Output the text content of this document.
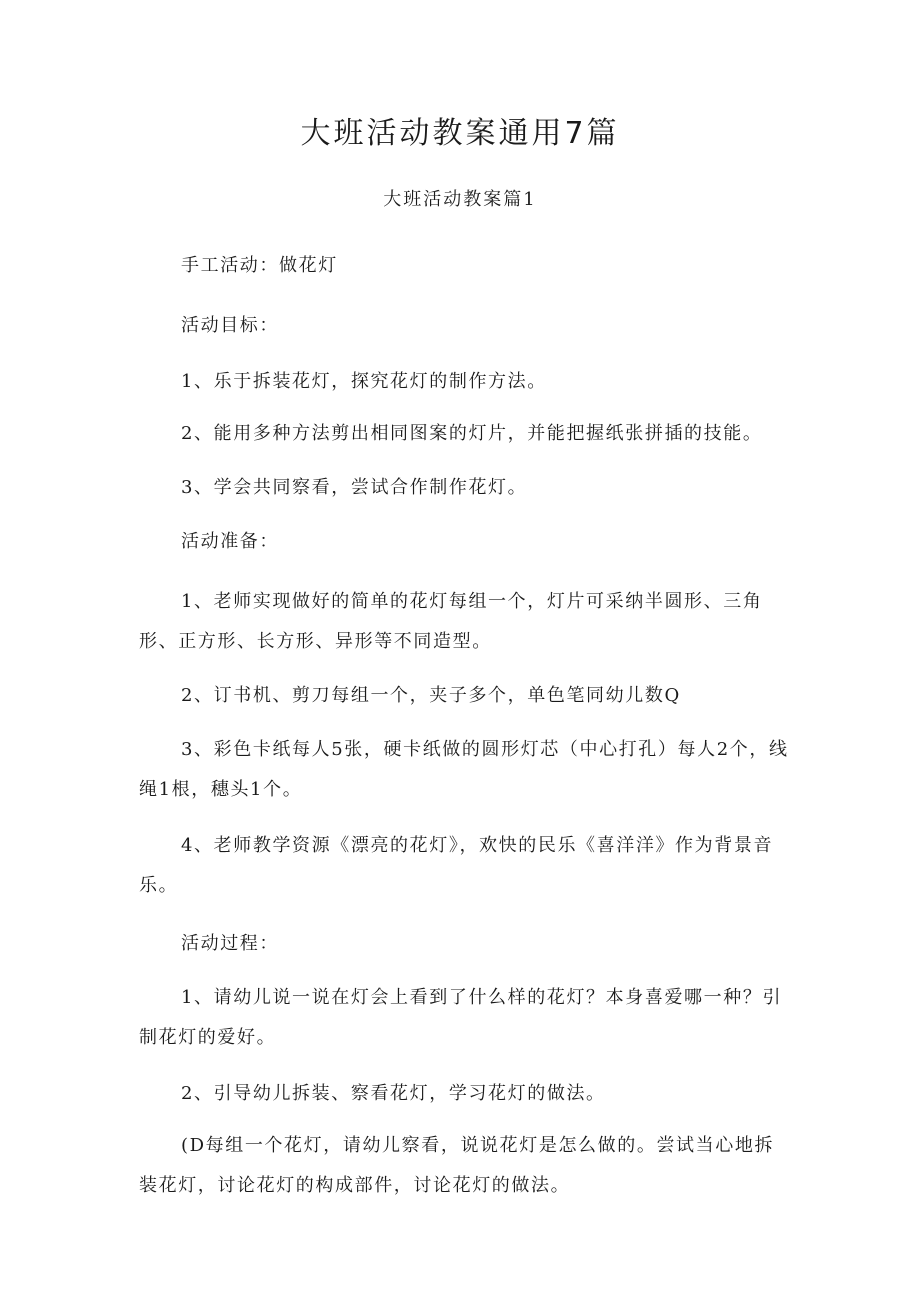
大班活动教案通用7篇
大班活动教案篇1

手工活动：做花灯

活动目标：

1、乐于拆装花灯，探究花灯的制作方法。

2、能用多种方法剪出相同图案的灯片，并能把握纸张拼插的技能。

3、学会共同察看，尝试合作制作花灯。

活动准备：

1、老师实现做好的简单的花灯每组一个，灯片可采纳半圆形、三角形、正方形、长方形、异形等不同造型。

2、订书机、剪刀每组一个，夹子多个，单色笔同幼儿数Q

3、彩色卡纸每人5张，硬卡纸做的圆形灯芯（中心打孔）每人2个，线绳1根，穗头1个。

4、老师教学资源《漂亮的花灯》，欢快的民乐《喜洋洋》作为背景音乐。

活动过程：

1、请幼儿说一说在灯会上看到了什么样的花灯？本身喜爱哪一种？引制花灯的爱好。

2、引导幼儿拆装、察看花灯，学习花灯的做法。

(D每组一个花灯，请幼儿察看，说说花灯是怎么做的。尝试当心地拆装花灯，讨论花灯的构成部件，讨论花灯的做法。
